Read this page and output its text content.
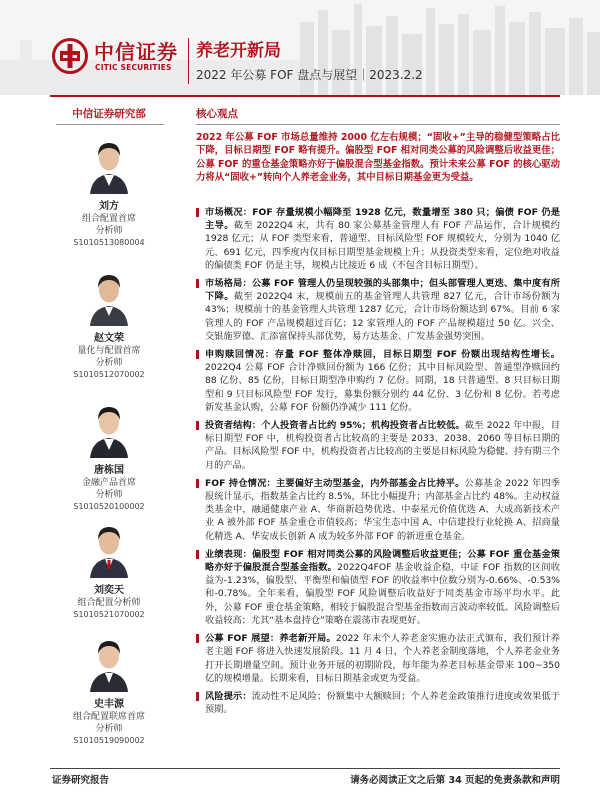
中信证券
CITIC SECURITIES
养老开新局
2022 年公募 FOF 盘点与展望｜2023.2.2
中信证券研究部	核心观点
刘方
组合配置首席
分析师
S1010513080004
赵文荣
量化与配置首席
分析师
S1010512070002
唐栋国
金融产品首席
分析师
S1010520100002
刘奕天
组合配置分析师
S1010521070002
史丰源
组合配置联席首席
分析师
S1010519090002
2022 年公募 FOF 市场总量维持 2000 亿左右规模；“固收+”主导的稳健型策略占比下降，目标日期型 FOF 略有提升。偏股型 FOF 相对同类公募的风险调整后收益更佳；公募 FOF 的重仓基金策略亦好于偏股混合型基金指数。预计未来公募 FOF 的核心驱动力将从“固收+”转向个人养老金业务，其中目标日期基金更为受益。
市场概况：FOF 存量规模小幅降至 1928 亿元，数量增至 380 只；偏债 FOF 仍是主导。截至 2022Q4 末，共有 80 家公募基金管理人有 FOF 产品运作，合计规模约 1928 亿元；从 FOF 类型来看，普通型、目标风险型 FOF 规模较大，分别为 1040 亿元、691 亿元，四季度内仅目标日期型基金规模上升；从投资类型来看，定位绝对收益的偏债类 FOF 仍是主导，规模占比接近 6 成（不包含目标日期型）。
市场格局：公募 FOF 管理人仍呈现较强的头部集中；但头部管理人更迭、集中度有所下降。截至 2022Q4 末，规模前五的基金管理人共管理 827 亿元，合计市场份额为 43%；规模前十的基金管理人共管理 1287 亿元，合计市场份额达到 67%。目前 6 家管理人的 FOF 产品规模超过百亿；12 家管理人的 FOF 产品规模超过 50 亿。兴全、交银施罗德、汇添富保持头部优势，易方达基金、广发基金强势突围。
申购赎回情况：存量 FOF 整体净赎回，目标日期型 FOF 份额出现结构性增长。2022Q4 公募 FOF 合计净赎回份额为 166 亿份；其中目标风险型、普通型净赎回约 88 亿份、85 亿份，目标日期型净申购约 7 亿份。同期，18 只普通型、8 只目标日期型和 9 只目标风险型 FOF 发行，募集份额分别约 44 亿份、3 亿份和 8 亿份。若考虑新发基金认购，公募 FOF 份额仍净减少 111 亿份。
投资者结构：个人投资者占比约 95%；机构投资者占比较低。截至 2022 年中报，目标日期型 FOF 中，机构投资者占比较高的主要是 2033、2038、2060 等目标日期的产品。目标风险型 FOF 中，机构投资者占比较高的主要是目标风险为稳健、持有期三个月的产品。
FOF 持仓情况：主要偏好主动型基金，内外部基金占比持平。公募基金 2022 年四季报统计显示，指数基金占比约 8.5%，环比小幅提升；内部基金占比约 48%。主动权益类基金中，融通健康产业 A、华商新趋势优选、中泰星元价值优选 A、大成高新技术产业 A 被外部 FOF 基金重仓市值较高；华宝生态中国 A、中信建投行业轮换 A、招商量化精选 A、华安成长创新 A 成为较多外部 FOF 的新进重仓基金。
业绩表现：偏股型 FOF 相对同类公募的风险调整后收益更佳；公募 FOF 重仓基金策略亦好于偏股混合型基金指数。2022Q4FOF 基金收益企稳，中证 FOF 指数的区间收益为-1.23%，偏股型、平衡型和偏债型 FOF 的收益率中位数分别为-0.66%、-0.53%和-0.78%。全年来看，偏股型 FOF 风险调整后收益好于同类基金市场平均水平。此外，公募 FOF 重仓基金策略，相较于偏股混合型基金指数而言波动率较低、风险调整后收益较高；尤其“基本盘持仓”策略在震荡市表现更好。
公募 FOF 展望：养老新开局。2022 年末个人养老金实施办法正式颁布，我们预计养老主题 FOF 将进入快速发展阶段。11 月 4 日，个人养老金制度落地，个人养老金业务打开长期增量空间。预计业务开展的初期阶段，每年能为养老目标基金带来 100~350 亿的规模增量。长期来看，目标日期基金或更为受益。
风险提示：流动性不足风险；份额集中大额赎回；个人养老金政策推行进度或效果低于预期。
证券研究报告	请务必阅读正文之后第 34 页起的免责条款和声明
